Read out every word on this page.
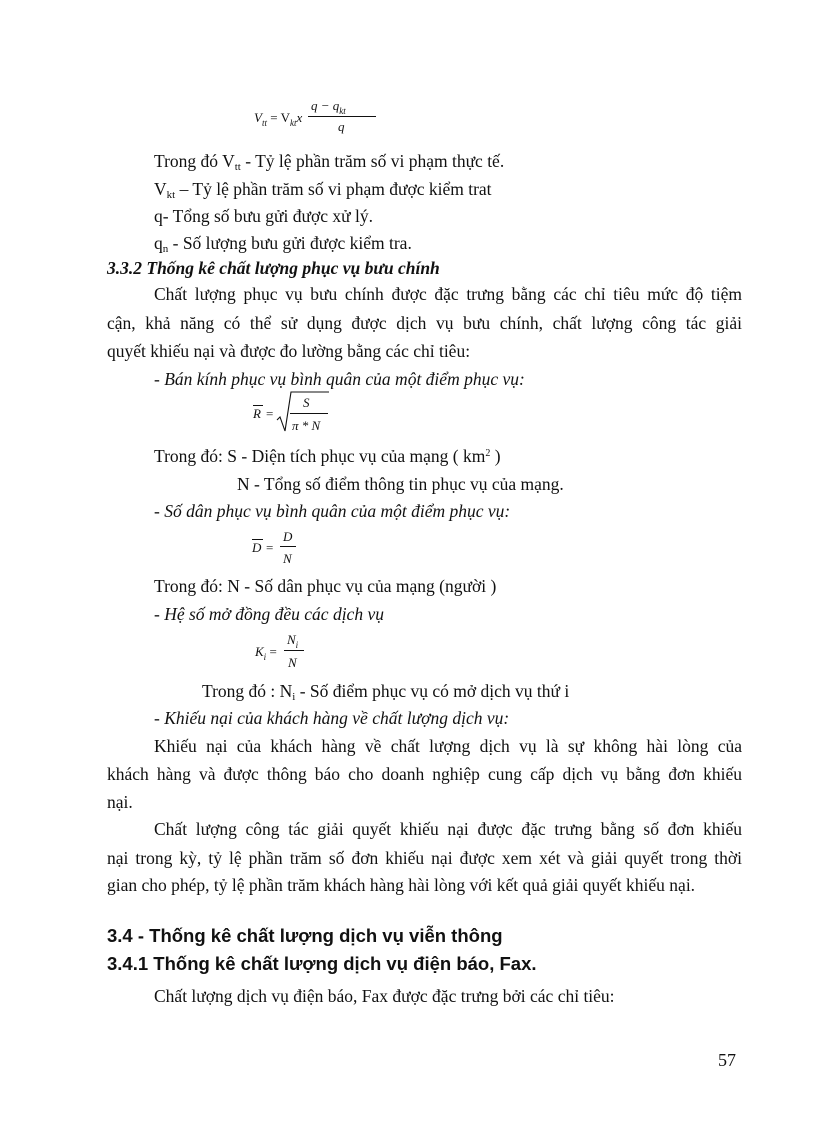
$V_{tt} = V_{kt}x$
$q - q_{kt}$
q
Trong đó $V_{tt}$ - Tỷ lệ phần trăm số vi phạm thực tế.
$V_{kt}$ – Tỷ lệ phần trăm số vi phạm được kiểm trat
q- Tổng số bưu gửi được xử lý.
$q_n$ - Số lượng bưu gửi được kiểm tra.
3.3.2 Thống kê chất lượng phục vụ bưu chính
Chất lượng phục vụ bưu chính được đặc trưng bằng các chỉ tiêu mức độ tiệm
cận, khả năng có thể sử dụng được dịch vụ bưu chính, chất lượng công tác giải
quyết khiếu nại và được đo lường bằng các chỉ tiêu:
- Bán kính phục vụ bình quân của một điểm phục vụ:
R =
S
π * N
Trong đó: S - Diện tích phục vụ của mạng ( $km^2$ )
N - Tổng số điểm thông tin phục vụ của mạng.
- Số dân phục vụ bình quân của một điểm phục vụ:
D =
D
N
Trong đó: N - Số dân phục vụ của mạng (người )
- Hệ số mở đồng đều các dịch vụ
$K_i$ =
$N_i$
N
Trong đó : $N_i$ - Số điểm phục vụ có mở dịch vụ thứ i
- Khiếu nại của khách hàng về chất lượng dịch vụ:
Khiếu nại của khách hàng về chất lượng dịch vụ là sự không hài lòng của
khách hàng và được thông báo cho doanh nghiệp cung cấp dịch vụ bằng đơn khiếu
nại.
Chất lượng công tác giải quyết khiếu nại được đặc trưng bằng số đơn khiếu
nại trong kỳ, tỷ lệ phần trăm số đơn khiếu nại được xem xét và giải quyết trong thời
gian cho phép, tỷ lệ phần trăm khách hàng hài lòng với kết quả giải quyết khiếu nại.
3.4 - Thống kê chất lượng dịch vụ viễn thông
3.4.1 Thống kê chất lượng dịch vụ điện báo, Fax.
Chất lượng dịch vụ điện báo, Fax được đặc trưng bởi các chỉ tiêu:
57
